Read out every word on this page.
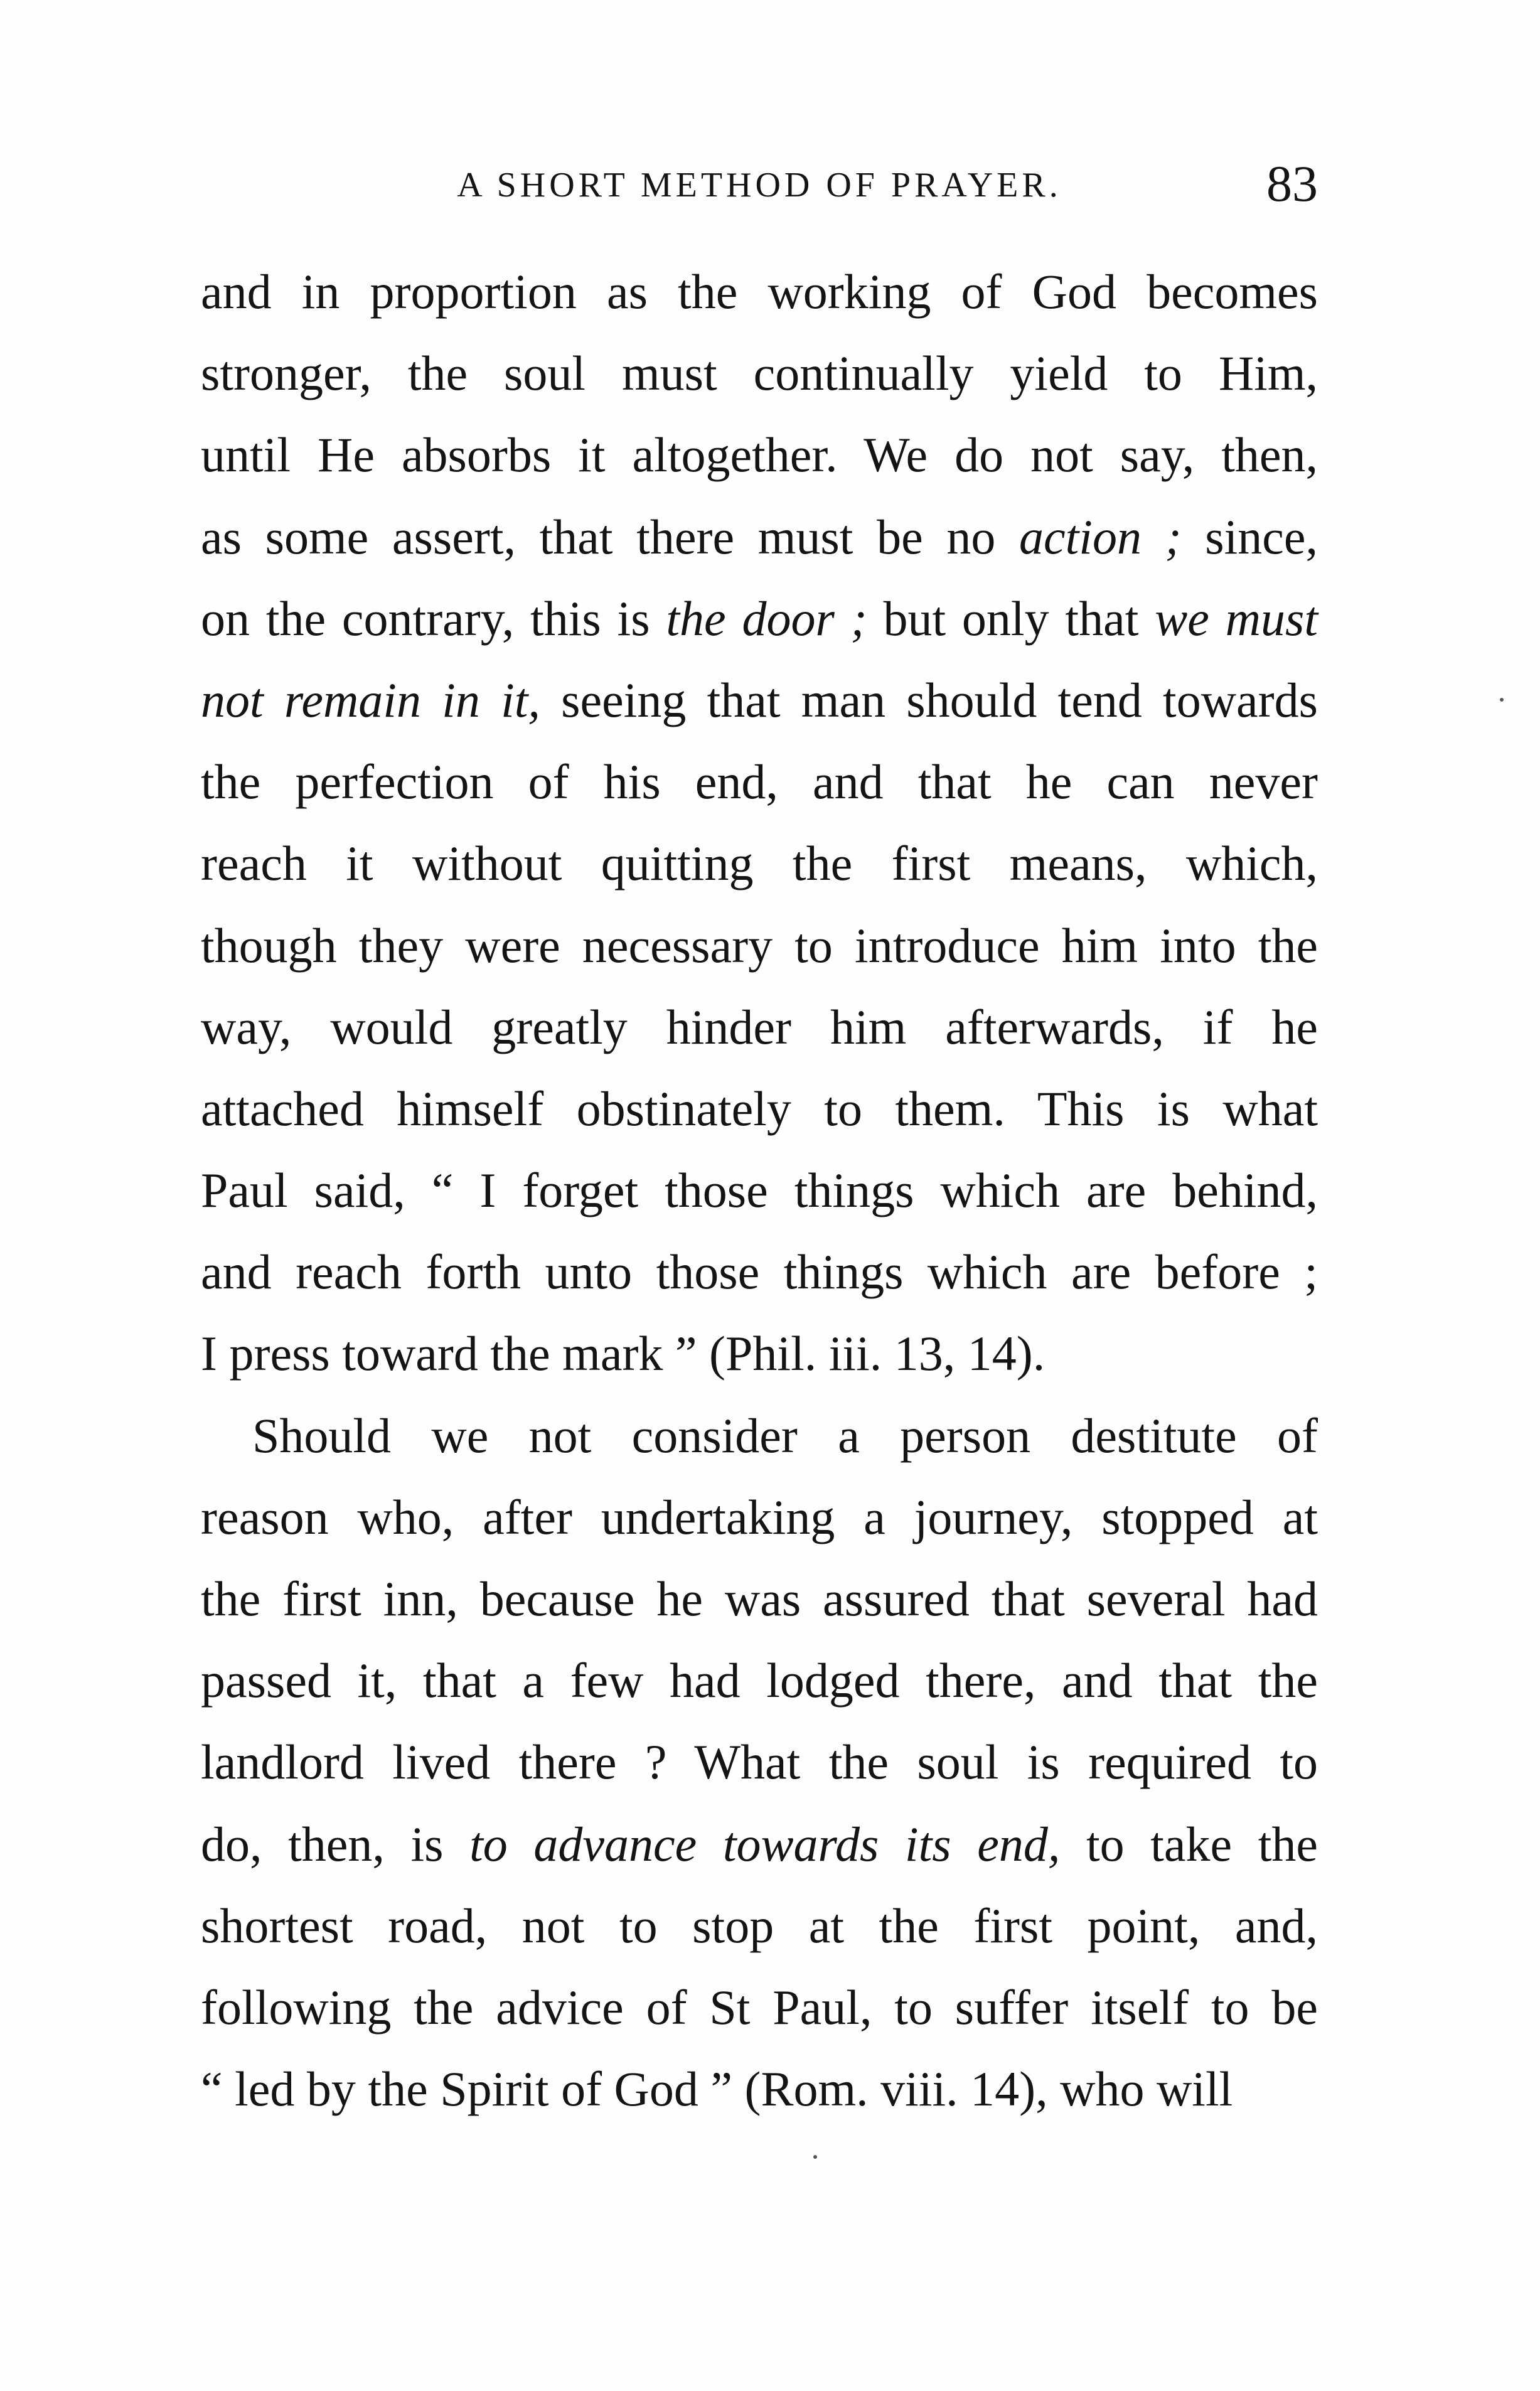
A SHORT METHOD OF PRAYER.	83
and in proportion as the working of God becomes
stronger, the soul must continually yield to Him,
until He absorbs it altogether. We do not say, then,
as some assert, that there must be no action ; since,
on the contrary, this is the door ; but only that we must
not remain in it, seeing that man should tend towards
the perfection of his end, and that he can never
reach it without quitting the first means, which,
though they were necessary to introduce him into the
way, would greatly hinder him afterwards, if he
attached himself obstinately to them. This is what
Paul said, “ I forget those things which are behind,
and reach forth unto those things which are before ;
I press toward the mark ” (Phil. iii. 13, 14).
Should we not consider a person destitute of
reason who, after undertaking a journey, stopped at
the first inn, because he was assured that several had
passed it, that a few had lodged there, and that the
landlord lived there ? What the soul is required to
do, then, is to advance towards its end, to take the
shortest road, not to stop at the first point, and,
following the advice of St Paul, to suffer itself to be
“ led by the Spirit of God ” (Rom. viii. 14), who will
